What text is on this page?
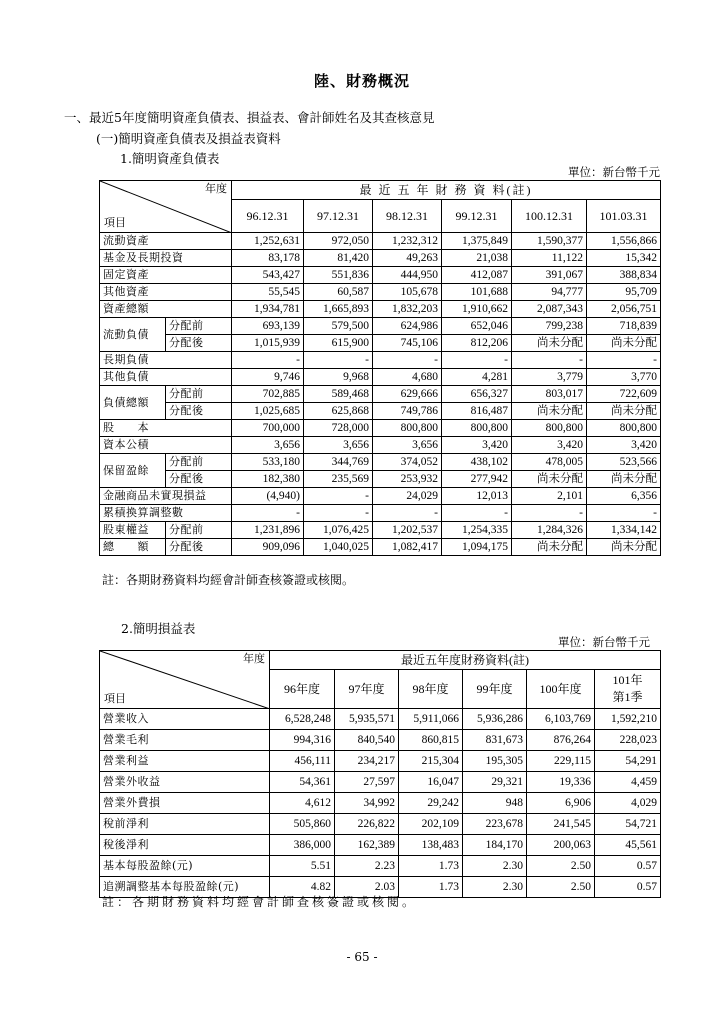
陸、財務概況
一、最近5年度簡明資產負債表、損益表、會計師姓名及其查核意見
(一)簡明資產負債表及損益表資料
1.簡明資產負債表
單位：新台幣千元
年度
項目		最 近 五 年 財 務 資 料(註)					
		96.12.31	97.12.31	98.12.31	99.12.31	100.12.31	101.03.31
流動資產		1,252,631	972,050	1,232,312	1,375,849	1,590,377	1,556,866
基金及長期投資		83,178	81,420	49,263	21,038	11,122	15,342
固定資產		543,427	551,836	444,950	412,087	391,067	388,834
其他資產		55,545	60,587	105,678	101,688	94,777	95,709
資產總額		1,934,781	1,665,893	1,832,203	1,910,662	2,087,343	2,056,751
流動負債	分配前	693,139	579,500	624,986	652,046	799,238	718,839
	分配後	1,015,939	615,900	745,106	812,206	尚未分配	尚未分配
長期負債		-	-	-	-	-	-
其他負債		9,746	9,968	4,680	4,281	3,779	3,770
負債總額	分配前	702,885	589,468	629,666	656,327	803,017	722,609
	分配後	1,025,685	625,868	749,786	816,487	尚未分配	尚未分配
股　　本		700,000	728,000	800,800	800,800	800,800	800,800
資本公積		3,656	3,656	3,656	3,420	3,420	3,420
保留盈餘	分配前	533,180	344,769	374,052	438,102	478,005	523,566
	分配後	182,380	235,569	253,932	277,942	尚未分配	尚未分配
金融商品未實現損益		(4,940)	-	24,029	12,013	2,101	6,356
累積換算調整數		-	-	-	-	-	-
股東權益	分配前	1,231,896	1,076,425	1,202,537	1,254,335	1,284,326	1,334,142
總　　額	分配後	909,096	1,040,025	1,082,417	1,094,175	尚未分配	尚未分配
註：各期財務資料均經會計師查核簽證或核閱。
2.簡明損益表
單位：新台幣千元
年度
項目	最近五年度財務資料(註)					
	96年度	97年度	98年度	99年度	100年度	101年
第1季

營業收入	6,528,248	5,935,571	5,911,066	5,936,286	6,103,769	1,592,210
營業毛利	994,316	840,540	860,815	831,673	876,264	228,023
營業利益	456,111	234,217	215,304	195,305	229,115	54,291
營業外收益	54,361	27,597	16,047	29,321	19,336	4,459
營業外費損	4,612	34,992	29,242	948	6,906	4,029
稅前淨利	505,860	226,822	202,109	223,678	241,545	54,721
稅後淨利	386,000	162,389	138,483	184,170	200,063	45,561
基本每股盈餘(元)	5.51	2.23	1.73	2.30	2.50	0.57
追溯調整基本每股盈餘(元)	4.82	2.03	1.73	2.30	2.50	0.57
註：各期財務資料均經會計師查核簽證或核閱。
- 65 -
